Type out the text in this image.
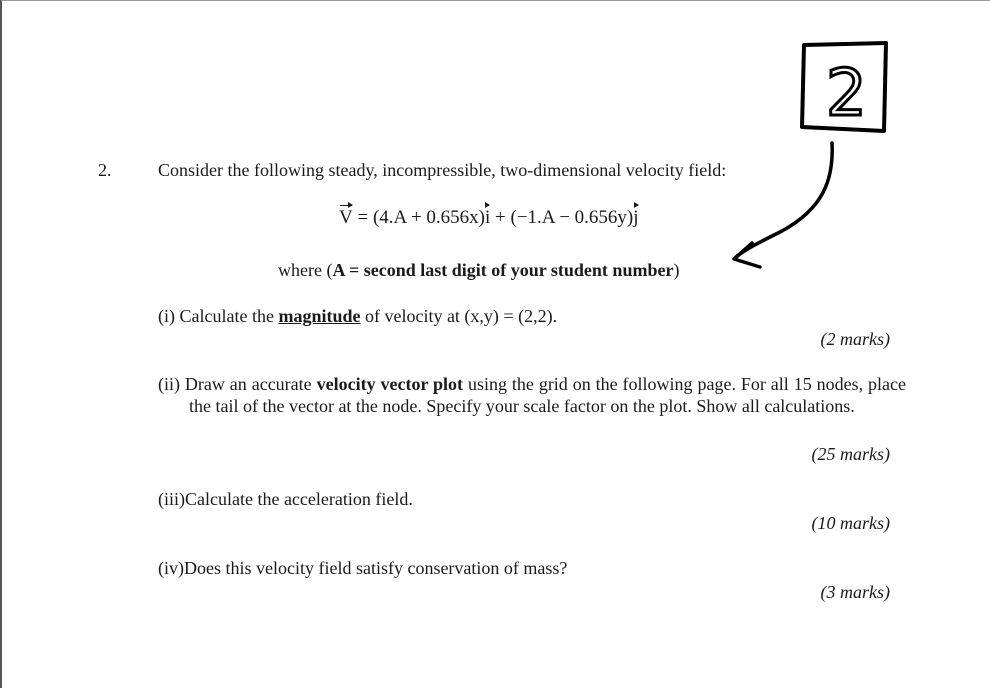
2.	Consider the following steady, incompressible, two-dimensional velocity field:
V = (4.A + 0.656x)i + (−1.A − 0.656y)j
where (A = second last digit of your student number)
(i) Calculate the magnitude of velocity at (x,y) = (2,2).
(2 marks)
(ii) Draw an accurate velocity vector plot using the grid on the following page. For all 15 nodes, place the tail of the vector at the node. Specify your scale factor on the plot. Show all calculations.
(25 marks)
(iii)Calculate the acceleration field.
(10 marks)
(iv)Does this velocity field satisfy conservation of mass?
(3 marks)
2
